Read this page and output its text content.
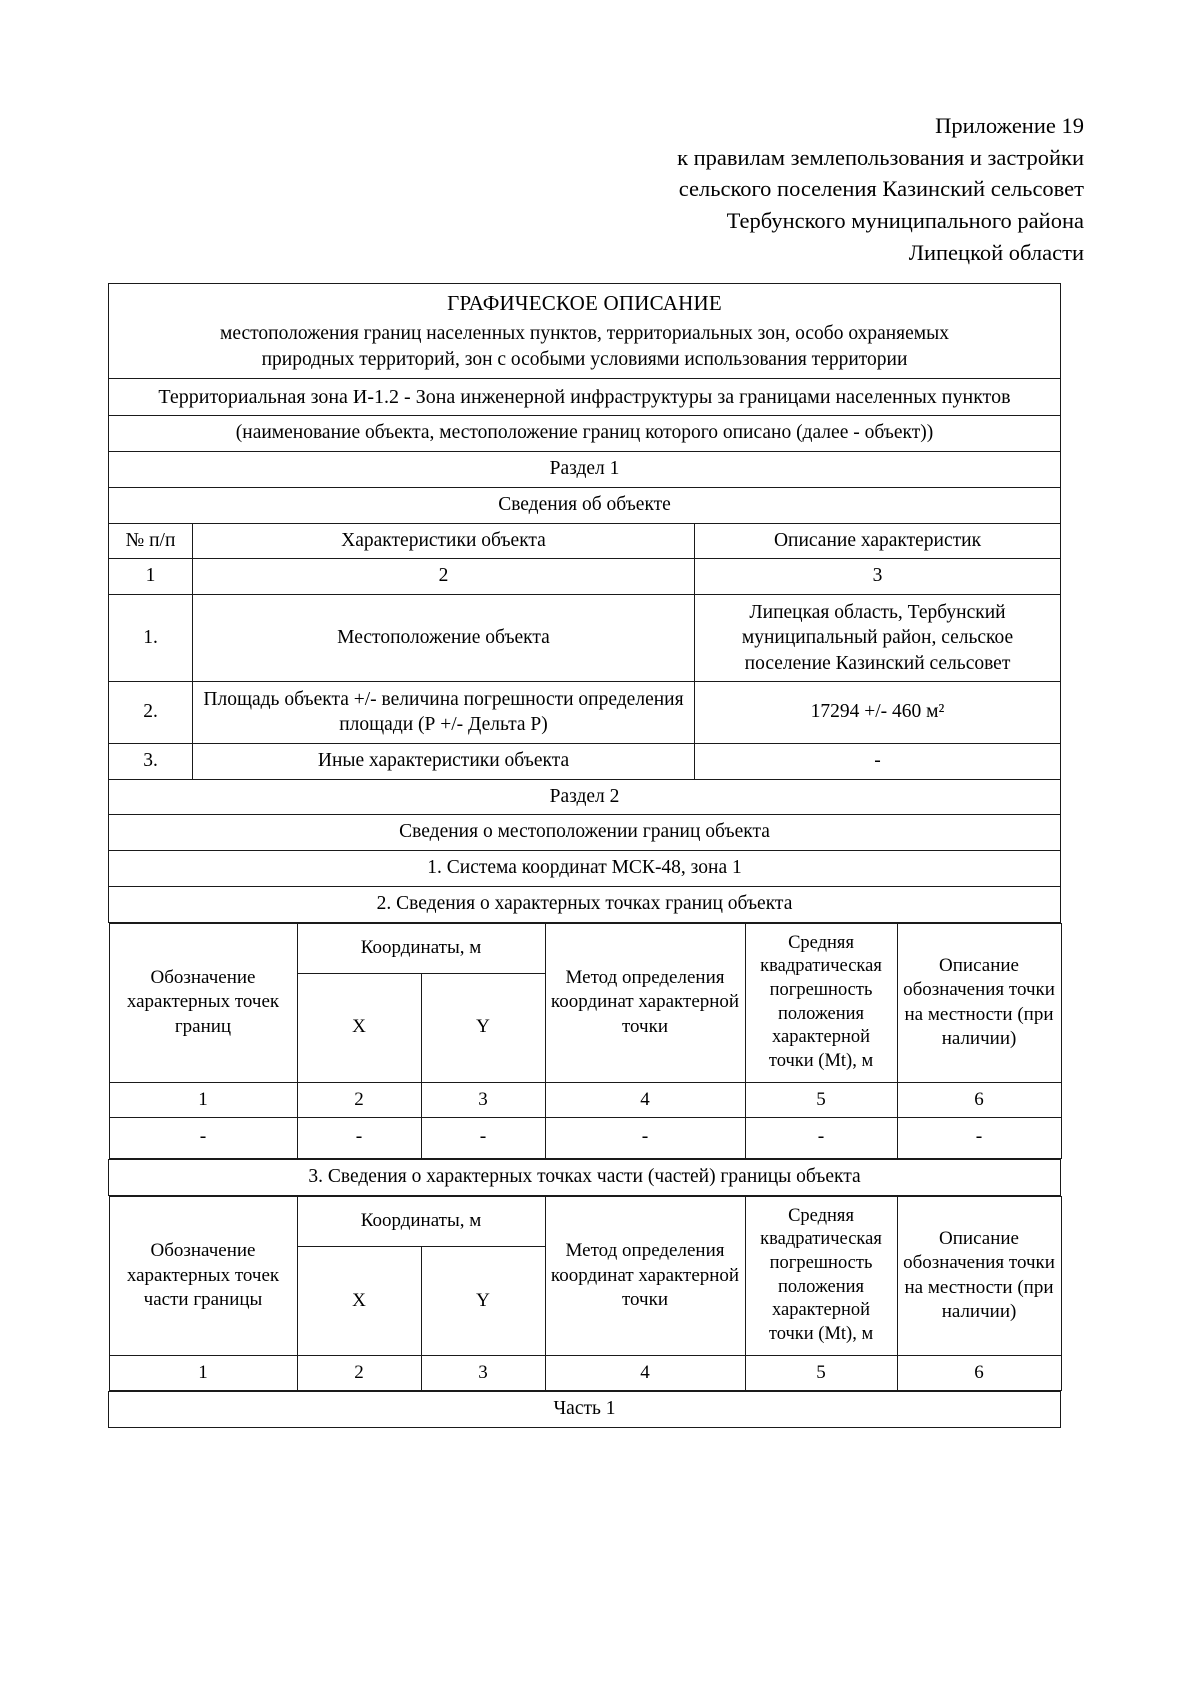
Приложение 19
к правилам землепользования и застройки
сельского поселения Казинский сельсовет
Тербунского муниципального района
Липецкой области
ГРАФИЧЕСКОЕ ОПИСАНИЕ
местоположения границ населенных пунктов, территориальных зон, особо охраняемых
природных территорий, зон с особыми условиями использования территории

Территориальная зона И-1.2 - Зона инженерной инфраструктуры за границами населенных пунктов
(наименование объекта, местоположение границ которого описано (далее - объект))
Раздел 1
Сведения об объекте
№ п/п	Характеристики объекта	Описание характеристик
1	2	3
1.	Местоположение объекта	Липецкая область, Тербунский муниципальный район, сельское поселение Казинский сельсовет
2.	Площадь объекта +/- величина погрешности определения площади (Р +/- Дельта Р)	17294 +/- 460 м²
3.	Иные характеристики объекта	-
Раздел 2
Сведения о местоположении границ объекта
1. Система координат МСК-48, зона 1
2. Сведения о характерных точках границ объекта

Обозначение характерных точек границ	Координаты, м	Метод определения координат характерной точки	Средняя квадратическая погрешность положения характерной точки (Mt), м	Описание обозначения точки на местности (при наличии)
X	Y
1	2	3	4	5	6
-	-	-	-	-	-

3. Сведения о характерных точках части (частей) границы объекта

Обозначение характерных точек части границы	Координаты, м	Метод определения координат характерной точки	Средняя квадратическая погрешность положения характерной точки (Mt), м	Описание обозначения точки на местности (при наличии)
X	Y
1	2	3	4	5	6

Часть 1
